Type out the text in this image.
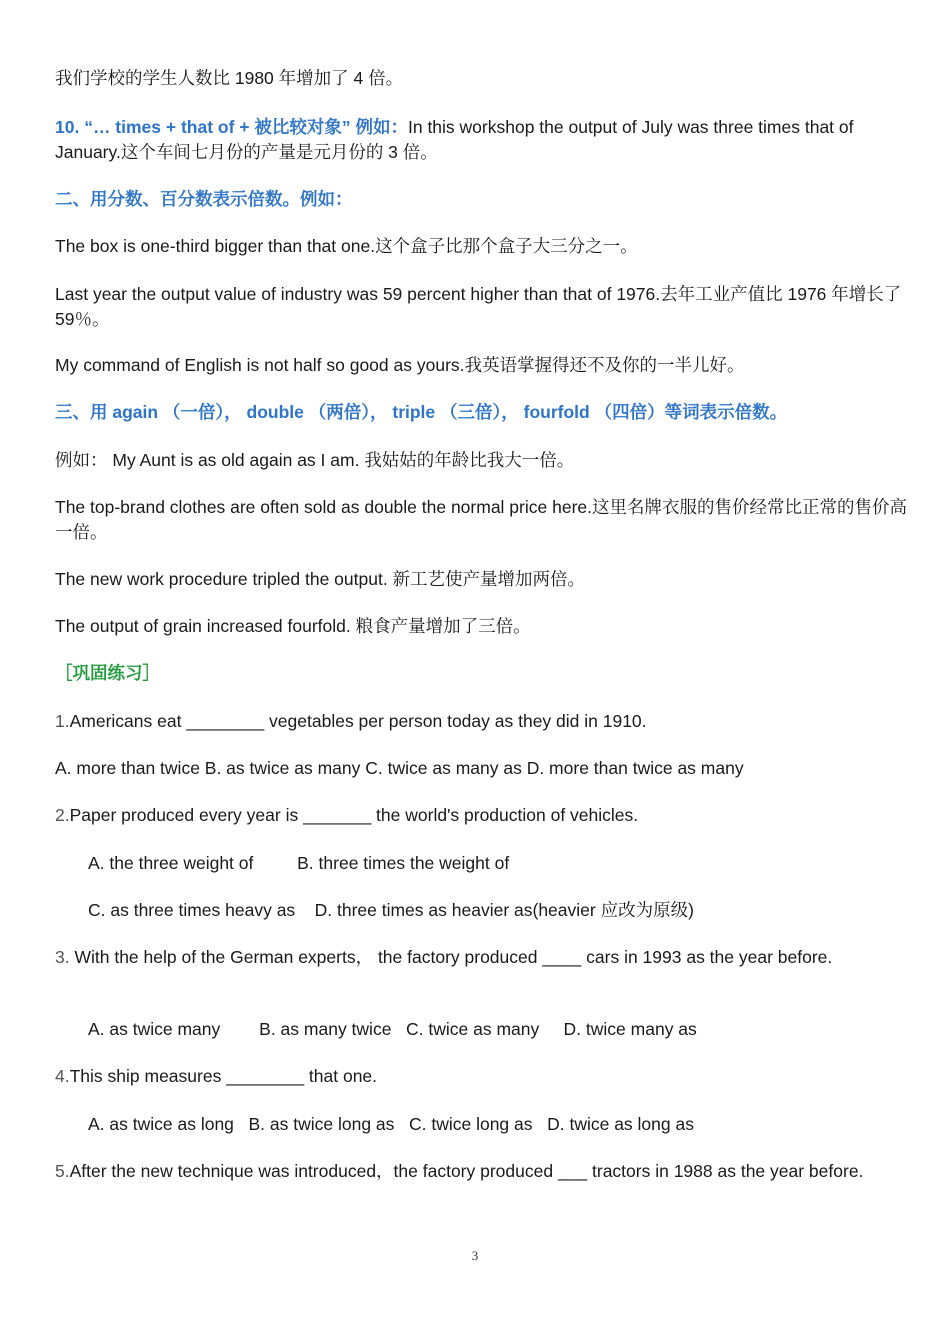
我们学校的学生人数比 1980 年增加了 4 倍。
10. “… times + that of + 被比较对象” 例如：In this workshop the output of July was three times that of January.这个车间七月份的产量是元月份的 3 倍。
二、用分数、百分数表示倍数。例如：
The box is one-third bigger than that one.这个盒子比那个盒子大三分之一。
Last year the output value of industry was 59 percent higher than that of 1976.去年工业产值比 1976 年增长了 59％。
My command of English is not half so good as yours.我英语掌握得还不及你的一半儿好。
三、用 again （一倍）， double （两倍）， triple （三倍）， fourfold （四倍）等词表示倍数。
例如： My Aunt is as old again as I am. 我姑姑的年龄比我大一倍。
The top-brand clothes are often sold as double the normal price here.这里名牌衣服的售价经常比正常的售价高一倍。
The new work procedure tripled the output. 新工艺使产量增加两倍。
The output of grain increased fourfold. 粮食产量增加了三倍。
［巩固练习］
1.Americans eat ________ vegetables per person today as they did in 1910.
A. more than twice B. as twice as many C. twice as many as D. more than twice as many
2.Paper produced every year is _______ the world's production of vehicles.
A. the three weight of         B. three times the weight of
C. as three times heavy as    D. three times as heavier as(heavier 应改为原级)
3. With the help of the German experts， the factory produced ____ cars in 1993 as the year before.
A. as twice many        B. as many twice   C. twice as many     D. twice many as
4.This ship measures ________ that one.
A. as twice as long   B. as twice long as   C. twice long as   D. twice as long as
5.After the new technique was introduced，the factory produced ___ tractors in 1988 as the year before.
3
